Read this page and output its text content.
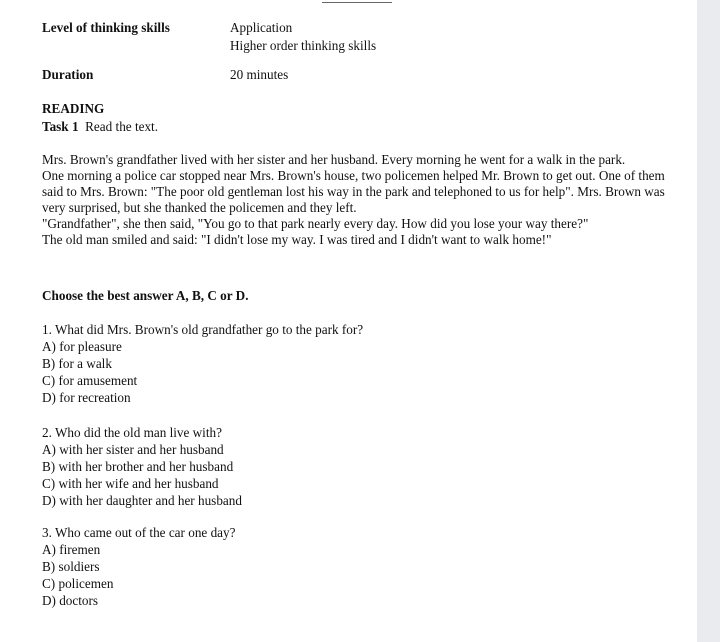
Level of thinking skills	Application
Higher order thinking skills
Duration	20 minutes
READING
Task 1 Read the text.

Mrs. Brown's grandfather lived with her sister and her husband. Every morning he went for a walk in the park.

One morning a police car stopped near Mrs. Brown's house, two policemen helped Mr. Brown to get out. One of them said to Mrs. Brown: "The poor old gentleman lost his way in the park and telephoned to us for help". Mrs. Brown was very surprised, but she thanked the policemen and they left.

"Grandfather", she then said, "You go to that park nearly every day. How did you lose your way there?"

The old man smiled and said: "I didn't lose my way. I was tired and I didn't want to walk home!"

Choose the best answer A, B, C or D.
1. What did Mrs. Brown's old grandfather go to the park for?
A) for pleasure
B) for a walk
C) for amusement
D) for recreation
2. Who did the old man live with?
A) with her sister and her husband
B) with her brother and her husband
C) with her wife and her husband
D) with her daughter and her husband
3. Who came out of the car one day?
A) firemen
B) soldiers
C) policemen
D) doctors
